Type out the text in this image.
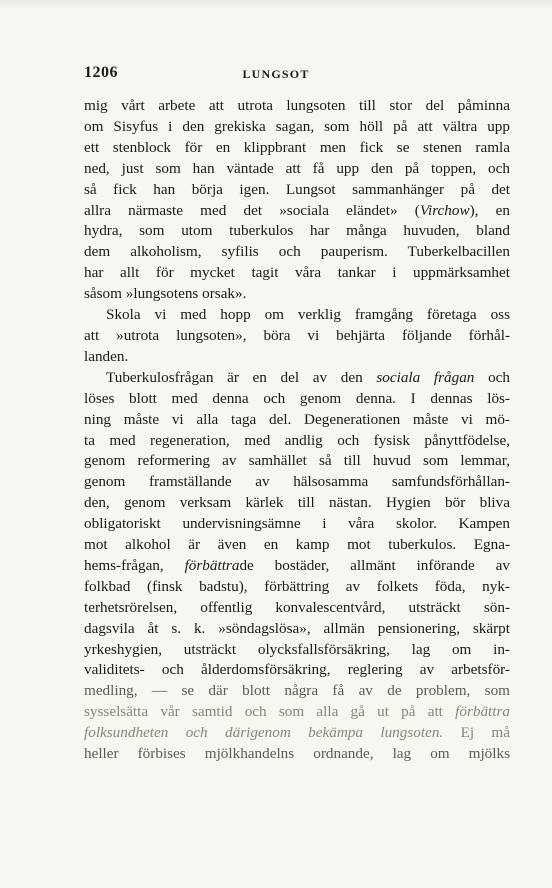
1206	LUNGSOT
mig vårt arbete att utrota lungsoten till stor del påminna
om Sisyfus i den grekiska sagan, som höll på att vältra upp
ett stenblock för en klippbrant men fick se stenen ramla
ned, just som han väntade att få upp den på toppen, och
så fick han börja igen. Lungsot sammanhänger på det
allra närmaste med det »sociala eländet» (Virchow), en
hydra, som utom tuberkulos har många huvuden, bland
dem alkoholism, syfilis och pauperism. Tuberkelbacillen
har allt för mycket tagit våra tankar i uppmärksamhet
såsom »lungsotens orsak».
Skola vi med hopp om verklig framgång företaga oss
att »utrota lungsoten», böra vi behjärta följande förhål-
landen.
Tuberkulosfrågan är en del av den sociala frågan och
löses blott med denna och genom denna. I dennas lös-
ning måste vi alla taga del. Degenerationen måste vi mö-
ta med regeneration, med andlig och fysisk pånyttfödelse,
genom reformering av samhället så till huvud som lemmar,
genom framställande av hälsosamma samfundsförhållan-
den, genom verksam kärlek till nästan. Hygien bör bliva
obligatoriskt undervisningsämne i våra skolor. Kampen
mot alkohol är även en kamp mot tuberkulos. Egna-
hems-frågan, förbättrade bostäder, allmänt införande av
folkbad (finsk badstu), förbättring av folkets föda, nyk-
terhetsrörelsen, offentlig konvalescentvård, utsträckt sön-
dagsvila åt s. k. »söndagslösa», allmän pensionering, skärpt
yrkeshygien, utsträckt olycksfallsförsäkring, lag om in-
validitets- och ålderdomsförsäkring, reglering av arbetsför-
medling, — se där blott några få av de problem, som
sysselsätta vår samtid och som alla gå ut på att förbättra
folksundheten och därigenom bekämpa lungsoten. Ej må
heller förbises mjölkhandelns ordnande, lag om mjölks
